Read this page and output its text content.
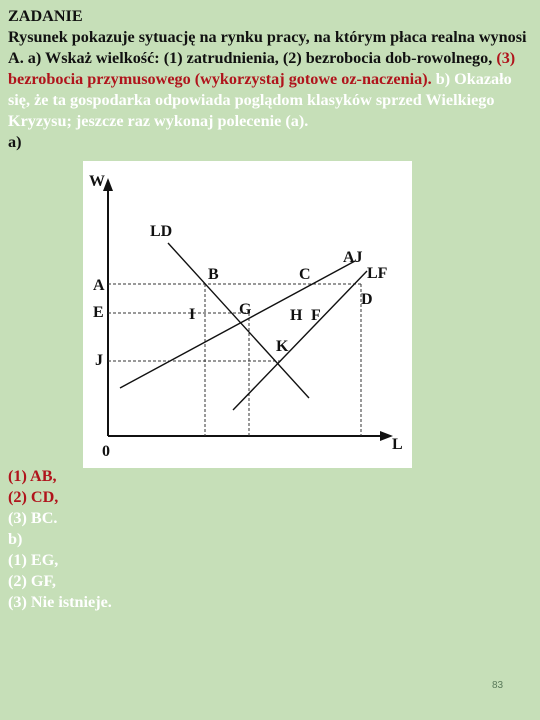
ZADANIE
Rysunek pokazuje sytuację na rynku pracy, na którym płaca realna wynosi A. a) Wskaż wielkość: (1) zatrudnienia, (2) bezrobocia dob-rowolnego, (3) bezrobocia przymusowego (wykorzystaj gotowe oz-naczenia). b) Okazało się, że ta gospodarka odpowiada poglądom klasyków sprzed Wielkiego Kryzysu; jeszcze raz wykonaj polecenie (a).
a)
W
L
0
A
E
J
LD
AJ
LF
B	C
D
G
I	H F
K
(1) AB,
(2) CD,
(3) BC.
b)
(1) EG,
(2) GF,
(3) Nie istnieje.
83
